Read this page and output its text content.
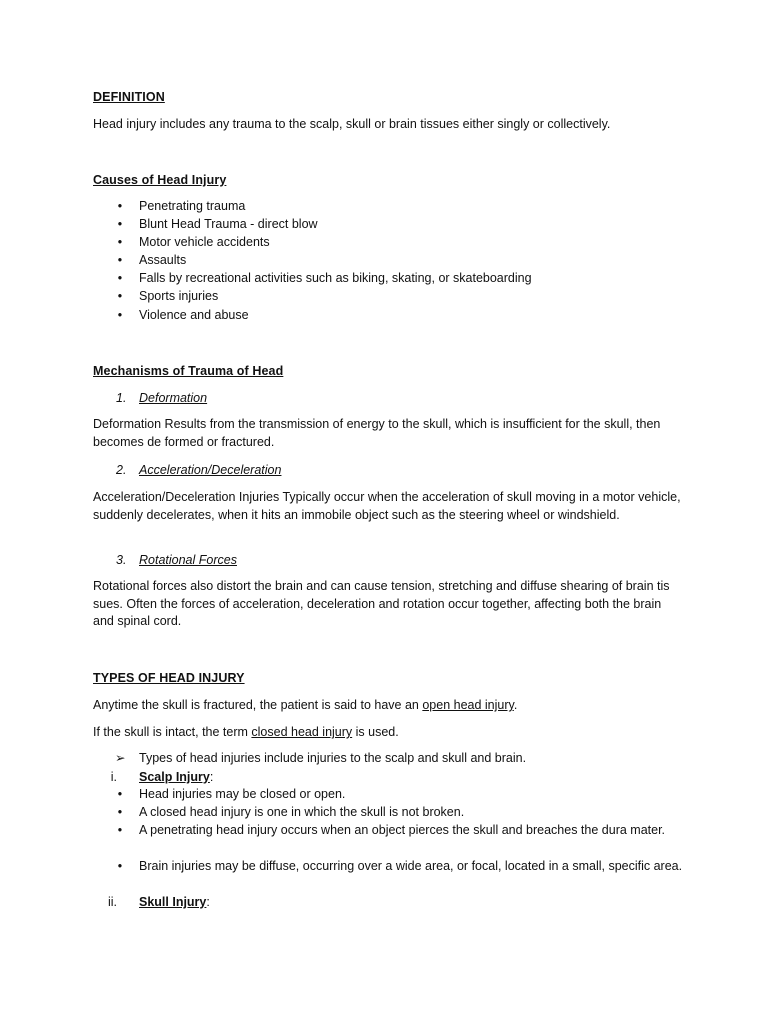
DEFINITION
Head injury includes any trauma to the scalp, skull or brain tissues either singly or collectively.
Causes of Head Injury
• Penetrating trauma
• Blunt Head Trauma - direct blow
• Motor vehicle accidents
• Assaults
• Falls by recreational activities such as biking, skating, or skateboarding
• Sports injuries
• Violence and abuse
Mechanisms of Trauma of Head
1. Deformation
Deformation Results from the transmission of energy to the skull, which is insufficient for the skull, then becomes de formed or fractured.
2. Acceleration/Deceleration
Acceleration/Deceleration Injuries Typically occur when the acceleration of skull moving in a motor vehicle, suddenly decelerates, when it hits an immobile object such as the steering wheel or windshield.
3. Rotational Forces
Rotational forces also distort the brain and can cause tension, stretching and diffuse shearing of brain tis sues. Often the forces of acceleration, deceleration and rotation occur together, affecting both the brain and spinal cord.
TYPES OF HEAD INJURY
Anytime the skull is fractured, the patient is said to have an open head injury.
If the skull is intact, the term closed head injury is used.
➢ Types of head injuries include injuries to the scalp and skull and brain.
i. Scalp Injury:
• Head injuries may be closed or open.
• A closed head injury is one in which the skull is not broken.
• A penetrating head injury occurs when an object pierces the skull and breaches the dura mater.
• Brain injuries may be diffuse, occurring over a wide area, or focal, located in a small, specific area.
ii. Skull Injury:
